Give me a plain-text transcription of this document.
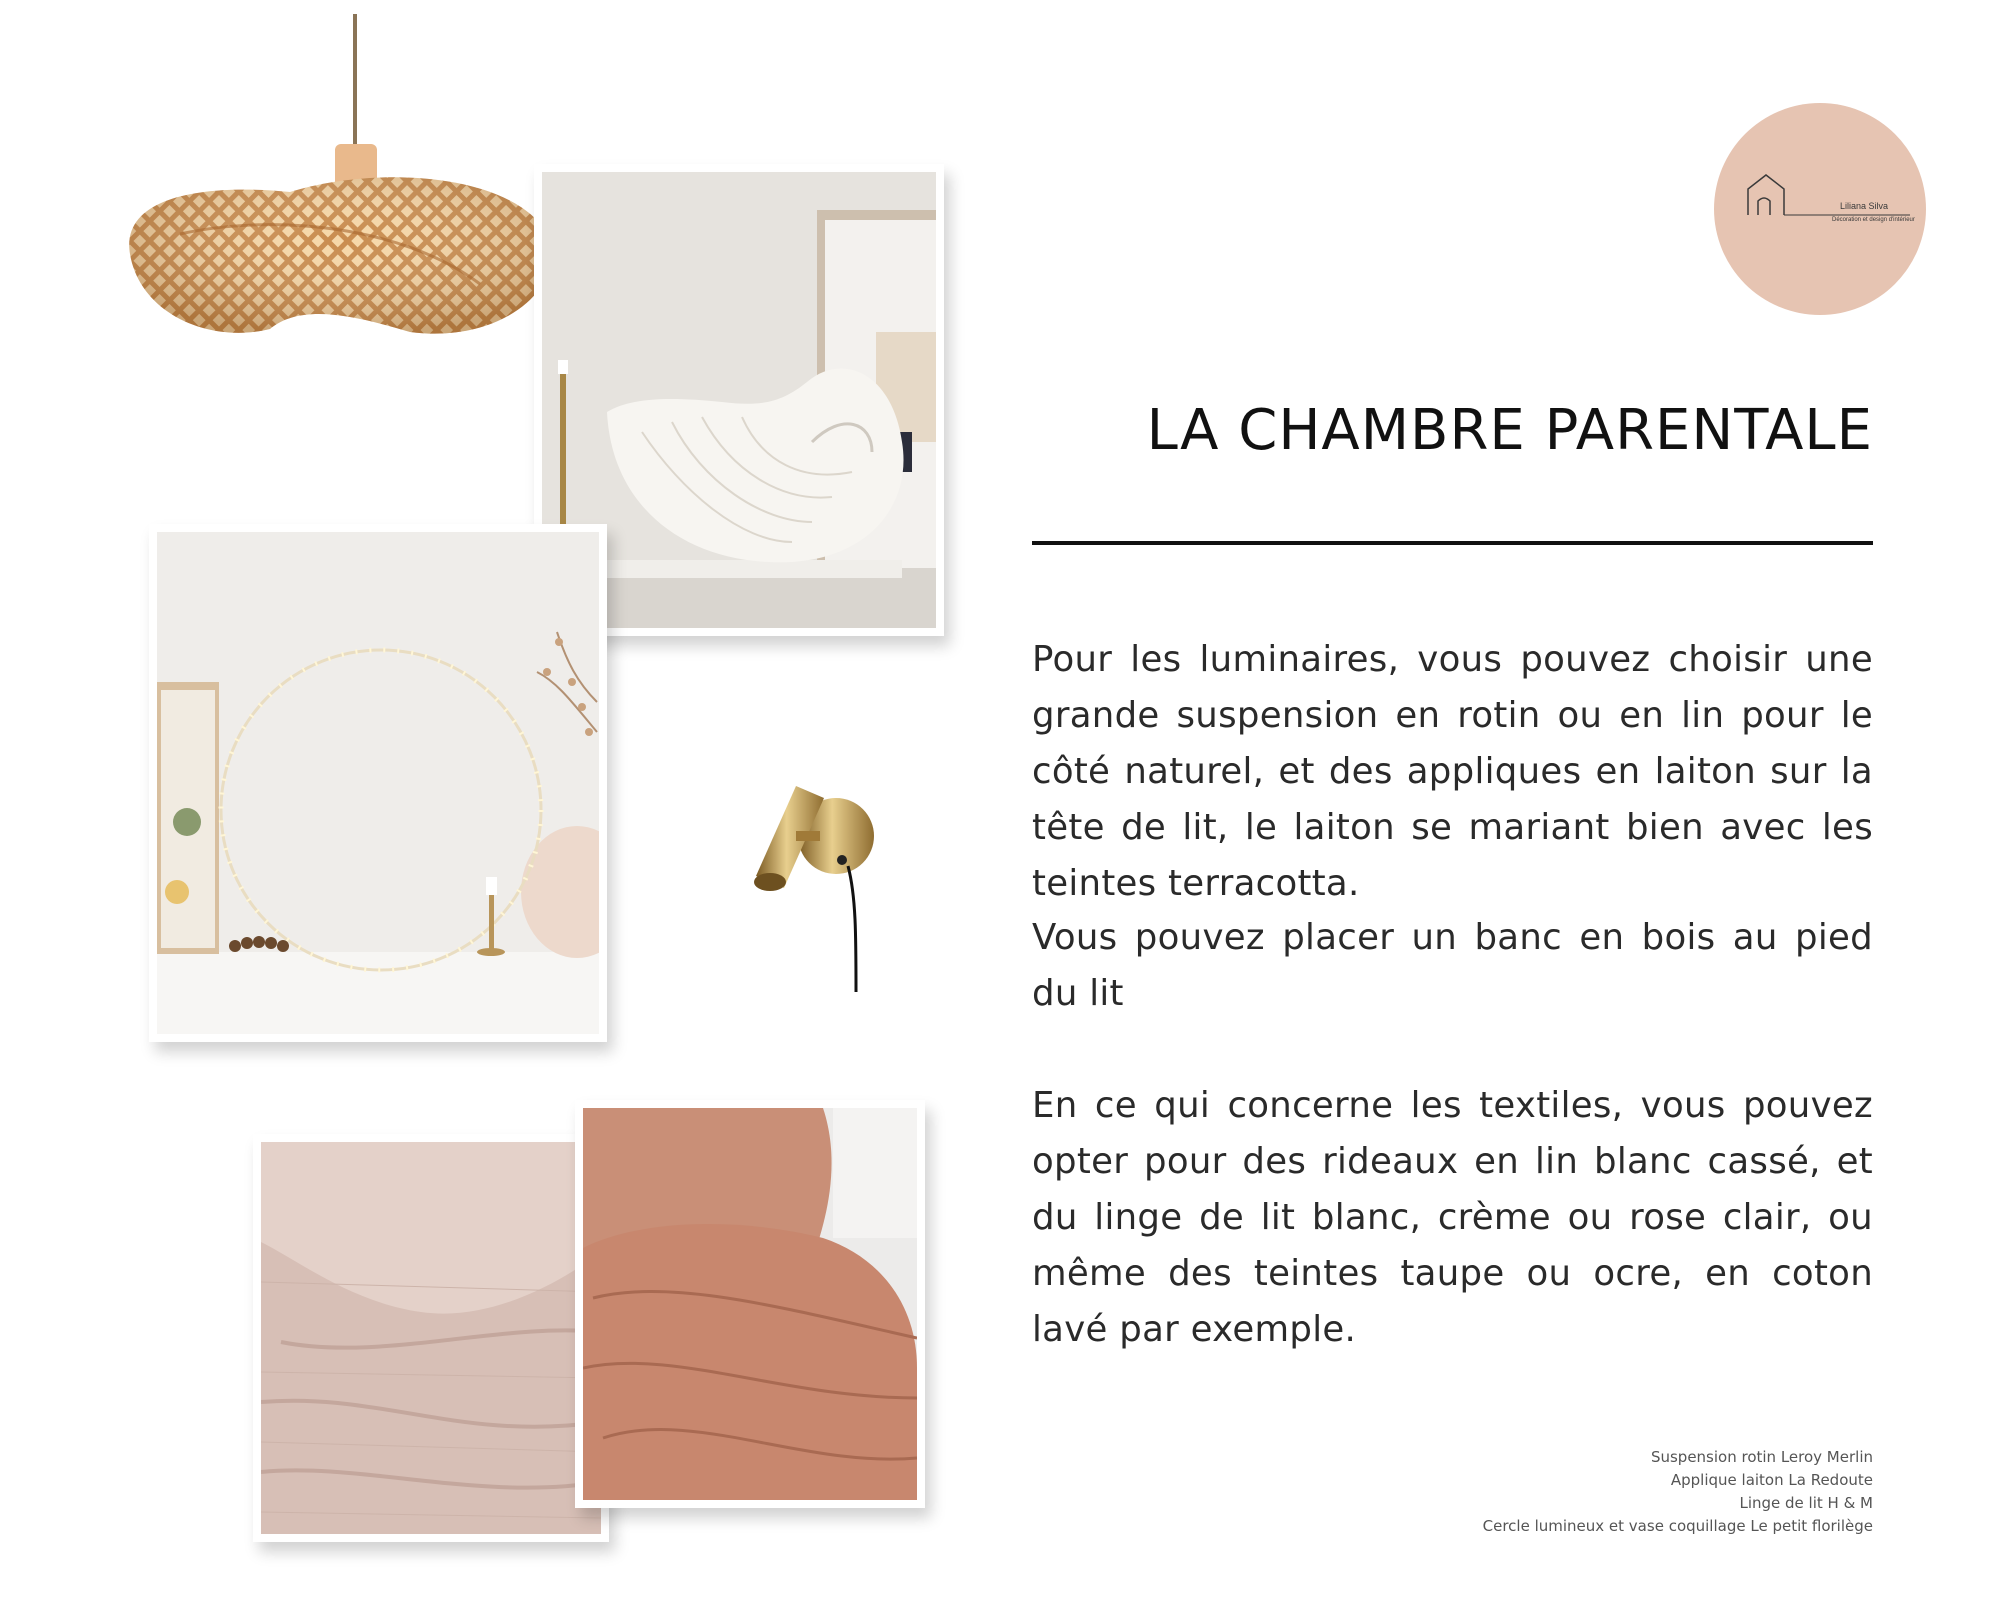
Liliana Silva
Décoration et design d'intérieur
LA CHAMBRE PARENTALE

Pour les luminaires, vous pouvez choisir une grande suspension en rotin ou en lin pour le côté naturel, et des appliques en laiton sur la tête de lit, le laiton se mariant bien avec les teintes terracotta.

Vous pouvez placer un banc en bois au pied du lit

En ce qui concerne les textiles, vous pouvez opter pour des rideaux en lin blanc cassé, et du linge de lit blanc, crème ou rose clair, ou même des teintes taupe ou ocre, en coton lavé par exemple.

Suspension rotin Leroy Merlin
Applique laiton La Redoute
Linge de lit H & M
Cercle lumineux et vase coquillage Le petit florilège
